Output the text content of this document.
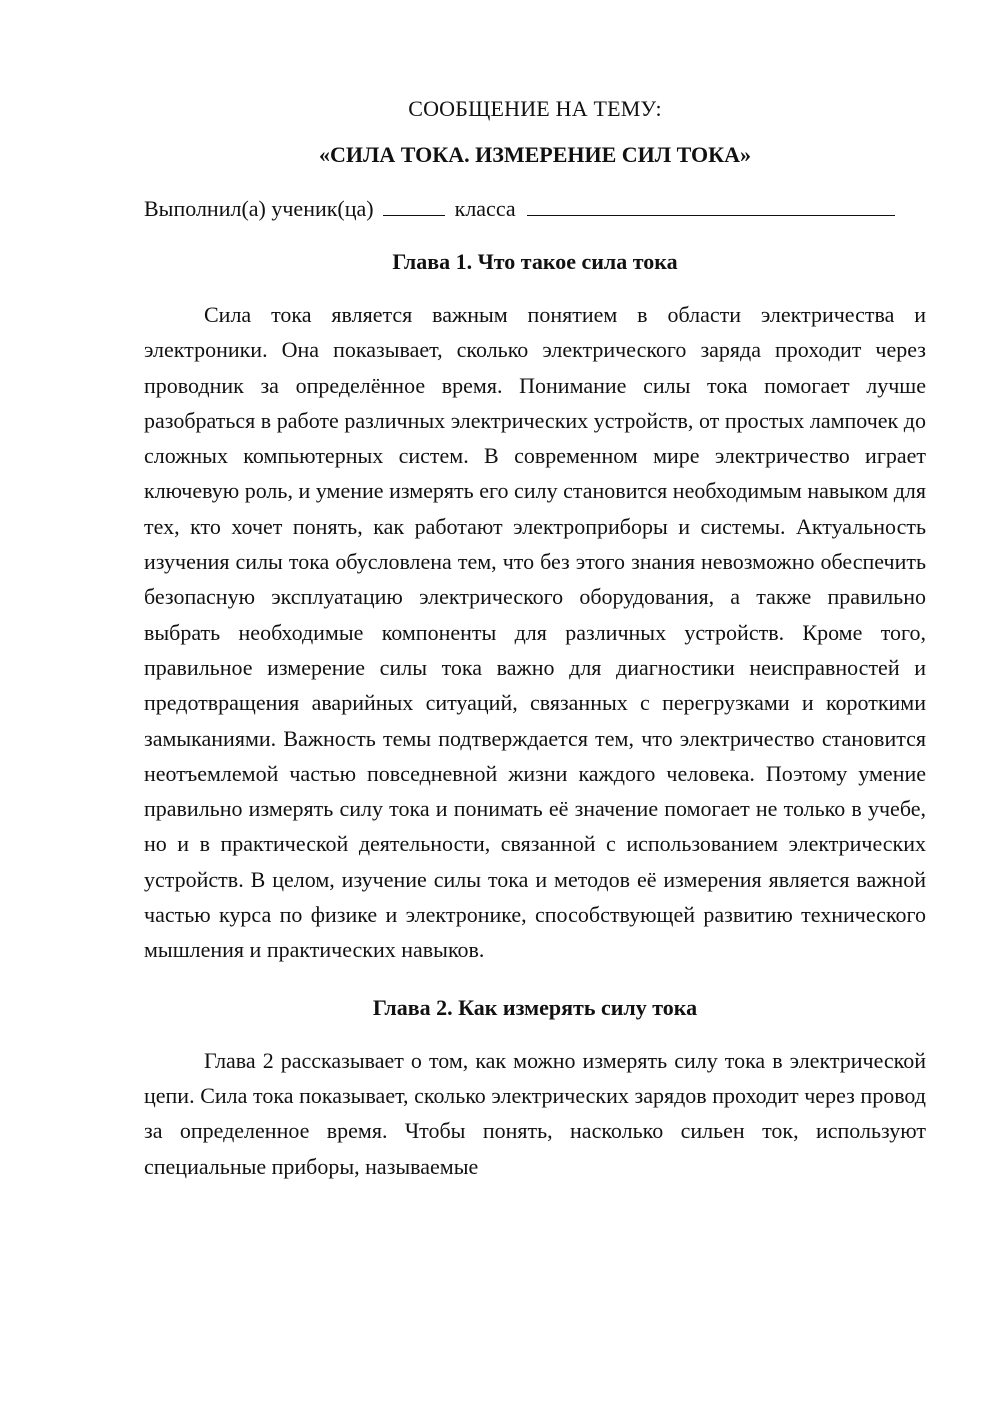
СООБЩЕНИЕ НА ТЕМУ:
«СИЛА ТОКА. ИЗМЕРЕНИЕ СИЛ ТОКА»
Выполнил(а) ученик(ца)	класса
Глава 1. Что такое сила тока

Сила тока является важным понятием в области электричества и электроники. Она показывает, сколько электрического заряда проходит через проводник за определённое время. Понимание силы тока помогает лучше разобраться в работе различных электрических устройств, от простых лампочек до сложных компьютерных систем. В современном мире электричество играет ключевую роль, и умение измерять его силу становится необходимым навыком для тех, кто хочет понять, как работают электроприборы и системы. Актуальность изучения силы тока обусловлена тем, что без этого знания невозможно обеспечить безопасную эксплуатацию электрического оборудования, а также правильно выбрать необходимые компоненты для различных устройств. Кроме того, правильное измерение силы тока важно для диагностики неисправностей и предотвращения аварийных ситуаций, связанных с перегрузками и короткими замыканиями. Важность темы подтверждается тем, что электричество становится неотъемлемой частью повседневной жизни каждого человека. Поэтому умение правильно измерять силу тока и понимать её значение помогает не только в учебе, но и в практической деятельности, связанной с использованием электрических устройств. В целом, изучение силы тока и методов её измерения является важной частью курса по физике и электронике, способствующей развитию технического мышления и практических навыков.

Глава 2. Как измерять силу тока

Глава 2 рассказывает о том, как можно измерять силу тока в электрической цепи. Сила тока показывает, сколько электрических зарядов проходит через провод за определенное время. Чтобы понять, насколько сильен ток, используют специальные приборы, называемые
